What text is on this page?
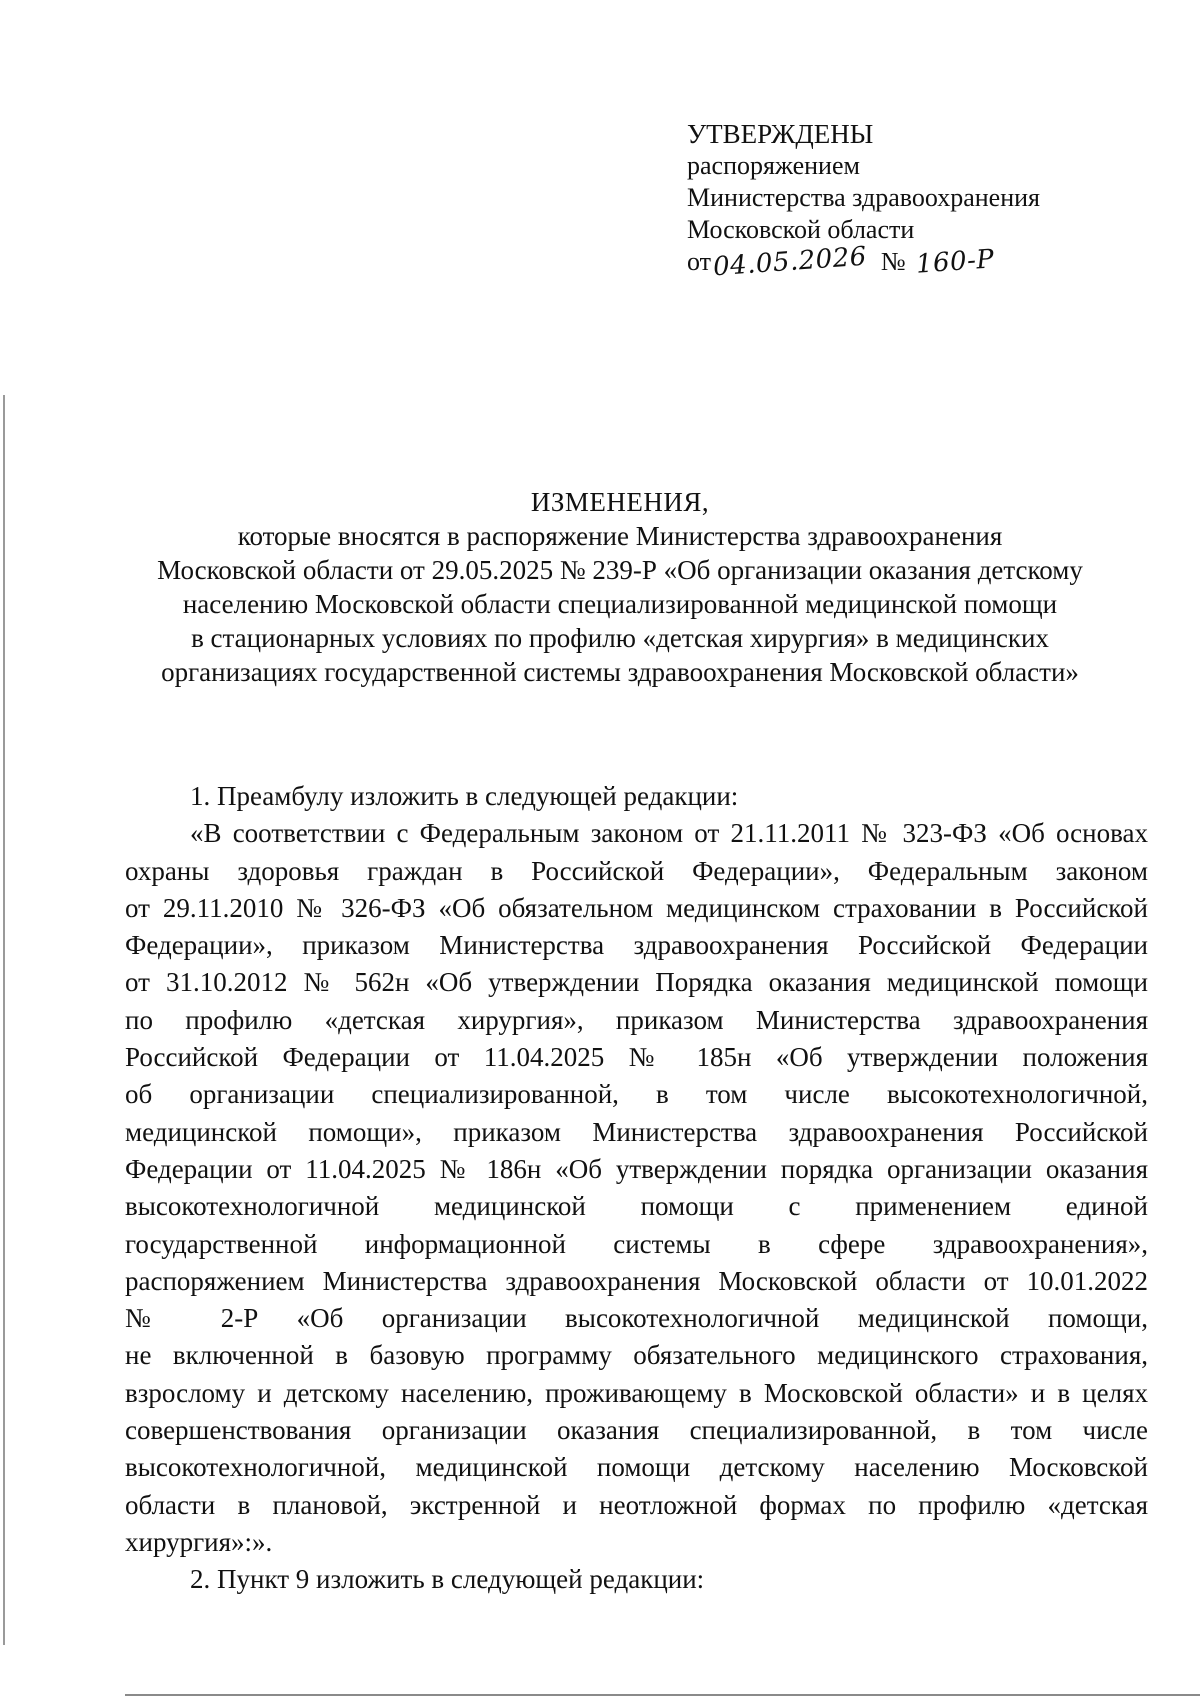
УТВЕРЖДЕНЫ
распоряжением
Министерства здравоохранения
Московской области
от04.05.2026 № 160-Р
ИЗМЕНЕНИЯ,
которые вносятся в распоряжение Министерства здравоохранения
Московской области от 29.05.2025 № 239-Р «Об организации оказания детскому
населению Московской области специализированной медицинской помощи
в стационарных условиях по профилю «детская хирургия» в медицинских
организациях государственной системы здравоохранения Московской области»
1. Преамбулу изложить в следующей редакции:
«В соответствии с Федеральным законом от 21.11.2011 № 323-ФЗ «Об основах
охраны здоровья граждан в Российской Федерации», Федеральным законом
от 29.11.2010 № 326-ФЗ «Об обязательном медицинском страховании в Российской
Федерации», приказом Министерства здравоохранения Российской Федерации
от 31.10.2012 № 562н «Об утверждении Порядка оказания медицинской помощи
по профилю «детская хирургия», приказом Министерства здравоохранения
Российской Федерации от 11.04.2025 № 185н «Об утверждении положения
об организации специализированной, в том числе высокотехнологичной,
медицинской помощи», приказом Министерства здравоохранения Российской
Федерации от 11.04.2025 № 186н «Об утверждении порядка организации оказания
высокотехнологичной медицинской помощи с применением единой
государственной информационной системы в сфере здравоохранения»,
распоряжением Министерства здравоохранения Московской области от 10.01.2022
№ 2-Р «Об организации высокотехнологичной медицинской помощи,
не включенной в базовую программу обязательного медицинского страхования,
взрослому и детскому населению, проживающему в Московской области» и в целях
совершенствования организации оказания специализированной, в том числе
высокотехнологичной, медицинской помощи детскому населению Московской
области в плановой, экстренной и неотложной формах по профилю «детская
хирургия»:».
2. Пункт 9 изложить в следующей редакции:
